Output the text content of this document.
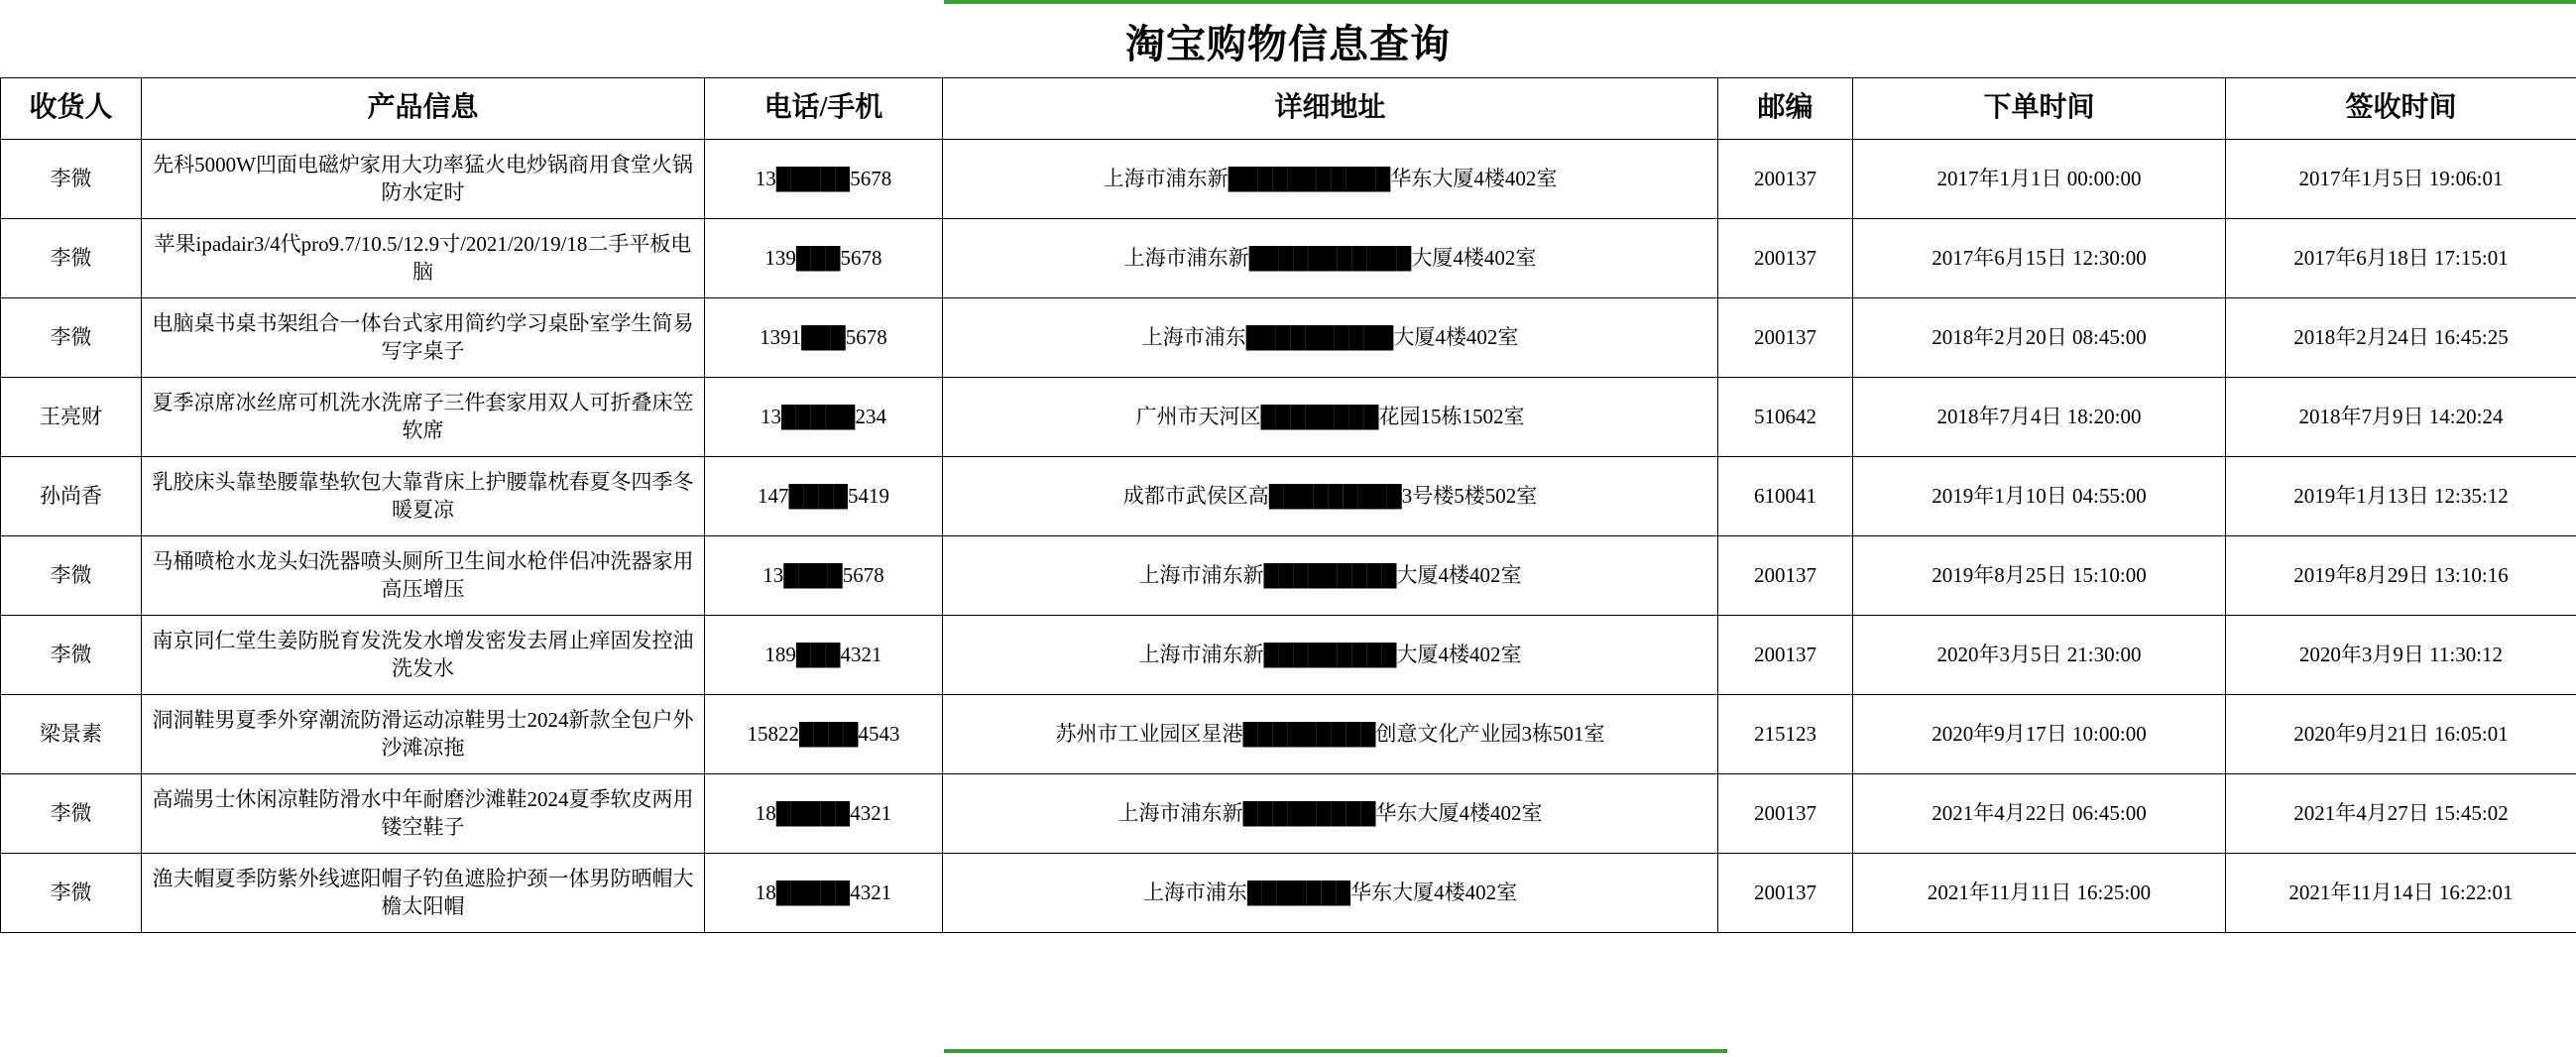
淘宝购物信息查询
收货人	产品信息	电话/手机	详细地址	邮编	下单时间	签收时间
李微	先科5000W凹面电磁炉家用大功率猛火电炒锅商用食堂火锅防水定时	13█████5678	上海市浦东新███████████华东大厦4楼402室	200137	2017年1月1日 00:00:00	2017年1月5日 19:06:01
李微	苹果ipadair3/4代pro9.7/10.5/12.9寸/2021/20/19/18二手平板电脑	139███5678	上海市浦东新███████████大厦4楼402室	200137	2017年6月15日 12:30:00	2017年6月18日 17:15:01
李微	电脑桌书桌书架组合一体台式家用简约学习桌卧室学生简易写字桌子	1391███5678	上海市浦东██████████大厦4楼402室	200137	2018年2月20日 08:45:00	2018年2月24日 16:45:25
王亮财	夏季凉席冰丝席可机洗水洗席子三件套家用双人可折叠床笠软席	13█████234	广州市天河区████████花园15栋1502室	510642	2018年7月4日 18:20:00	2018年7月9日 14:20:24
孙尚香	乳胶床头靠垫腰靠垫软包大靠背床上护腰靠枕春夏冬四季冬暖夏凉	147████5419	成都市武侯区高█████████3号楼5楼502室	610041	2019年1月10日 04:55:00	2019年1月13日 12:35:12
李微	马桶喷枪水龙头妇洗器喷头厕所卫生间水枪伴侣冲洗器家用高压增压	13████5678	上海市浦东新█████████大厦4楼402室	200137	2019年8月25日 15:10:00	2019年8月29日 13:10:16
李微	南京同仁堂生姜防脱育发洗发水增发密发去屑止痒固发控油洗发水	189███4321	上海市浦东新█████████大厦4楼402室	200137	2020年3月5日 21:30:00	2020年3月9日 11:30:12
梁景素	洞洞鞋男夏季外穿潮流防滑运动凉鞋男士2024新款全包户外沙滩凉拖	15822████4543	苏州市工业园区星港█████████创意文化产业园3栋501室	215123	2020年9月17日 10:00:00	2020年9月21日 16:05:01
李微	高端男士休闲凉鞋防滑水中年耐磨沙滩鞋2024夏季软皮两用镂空鞋子	18█████4321	上海市浦东新█████████华东大厦4楼402室	200137	2021年4月22日 06:45:00	2021年4月27日 15:45:02
李微	渔夫帽夏季防紫外线遮阳帽子钓鱼遮脸护颈一体男防晒帽大檐太阳帽	18█████4321	上海市浦东███████华东大厦4楼402室	200137	2021年11月11日 16:25:00	2021年11月14日 16:22:01
